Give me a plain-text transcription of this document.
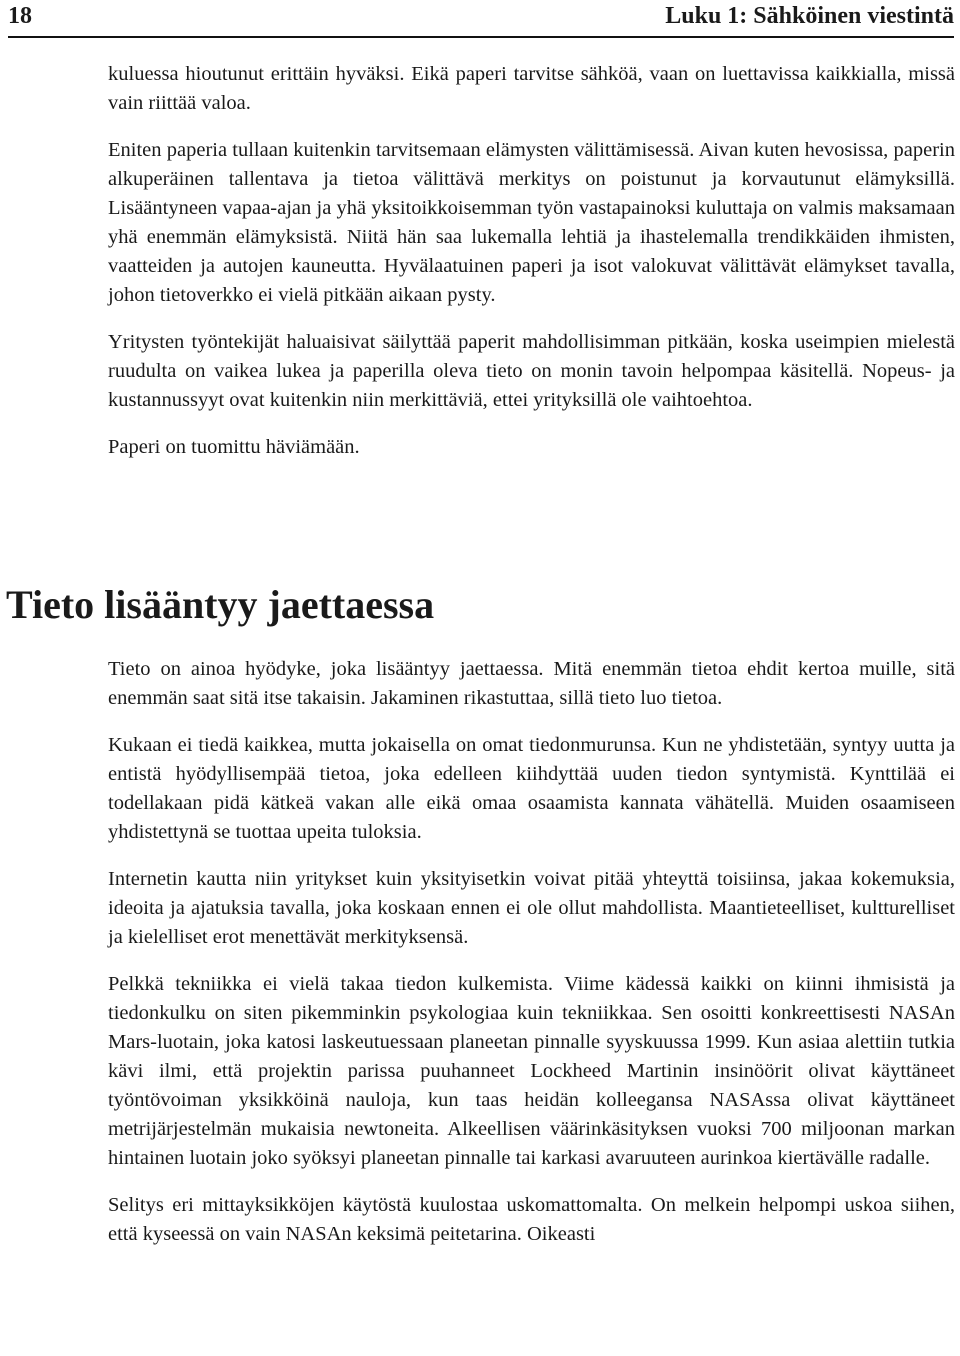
18	Luku 1: Sähköinen viestintä

kuluessa hioutunut erittäin hyväksi. Eikä paperi tarvitse sähköä, vaan on luettavissa kaikkialla, missä vain riittää valoa.

Eniten paperia tullaan kuitenkin tarvitsemaan elämysten välittämisessä. Aivan kuten hevosissa, paperin alkuperäinen tallentava ja tietoa välittävä merkitys on poistunut ja korvautunut elämyksillä. Lisääntyneen vapaa-ajan ja yhä yksitoikkoisemman työn vastapainoksi kuluttaja on valmis maksamaan yhä enemmän elämyksistä. Niitä hän saa lukemalla lehtiä ja ihastelemalla trendikkäiden ihmisten, vaatteiden ja autojen kauneutta. Hyvälaatuinen paperi ja isot valokuvat välittävät elämykset tavalla, johon tietoverkko ei vielä pitkään aikaan pysty.

Yritysten työntekijät haluaisivat säilyttää paperit mahdollisimman pitkään, koska useimpien mielestä ruudulta on vaikea lukea ja paperilla oleva tieto on monin tavoin helpompaa käsitellä. Nopeus- ja kustannussyyt ovat kuitenkin niin merkittäviä, ettei yrityksillä ole vaihtoehtoa.

Paperi on tuomittu häviämään.

Tieto lisääntyy jaettaessa

Tieto on ainoa hyödyke, joka lisääntyy jaettaessa. Mitä enemmän tietoa ehdit kertoa muille, sitä enemmän saat sitä itse takaisin. Jakaminen rikastuttaa, sillä tieto luo tietoa.

Kukaan ei tiedä kaikkea, mutta jokaisella on omat tiedonmurunsa. Kun ne yhdistetään, syntyy uutta ja entistä hyödyllisempää tietoa, joka edelleen kiihdyttää uuden tiedon syntymistä. Kynttilää ei todellakaan pidä kätkeä vakan alle eikä omaa osaamista kannata vähätellä. Muiden osaamiseen yhdistettynä se tuottaa upeita tuloksia.

Internetin kautta niin yritykset kuin yksityisetkin voivat pitää yhteyttä toisiinsa, jakaa kokemuksia, ideoita ja ajatuksia tavalla, joka koskaan ennen ei ole ollut mahdollista. Maantieteelliset, kultturelliset ja kielelliset erot menettävät merkityksensä.

Pelkkä tekniikka ei vielä takaa tiedon kulkemista. Viime kädessä kaikki on kiinni ihmisistä ja tiedonkulku on siten pikemminkin psykologiaa kuin tekniikkaa. Sen osoitti konkreettisesti NASAn Mars-luotain, joka katosi laskeutuessaan planeetan pinnalle syyskuussa 1999. Kun asiaa alettiin tutkia kävi ilmi, että projektin parissa puuhanneet Lockheed Martinin insinöörit olivat käyttäneet työntövoiman yksikköinä nauloja, kun taas heidän kolleegansa NASAssa olivat käyttäneet metrijärjestelmän mukaisia newtoneita. Alkeellisen väärinkäsityksen vuoksi 700 miljoonan markan hintainen luotain joko syöksyi planeetan pinnalle tai karkasi avaruuteen aurinkoa kiertävälle radalle.

Selitys eri mittayksikköjen käytöstä kuulostaa uskomattomalta. On melkein helpompi uskoa siihen, että kyseessä on vain NASAn keksimä peitetarina. Oikeasti
